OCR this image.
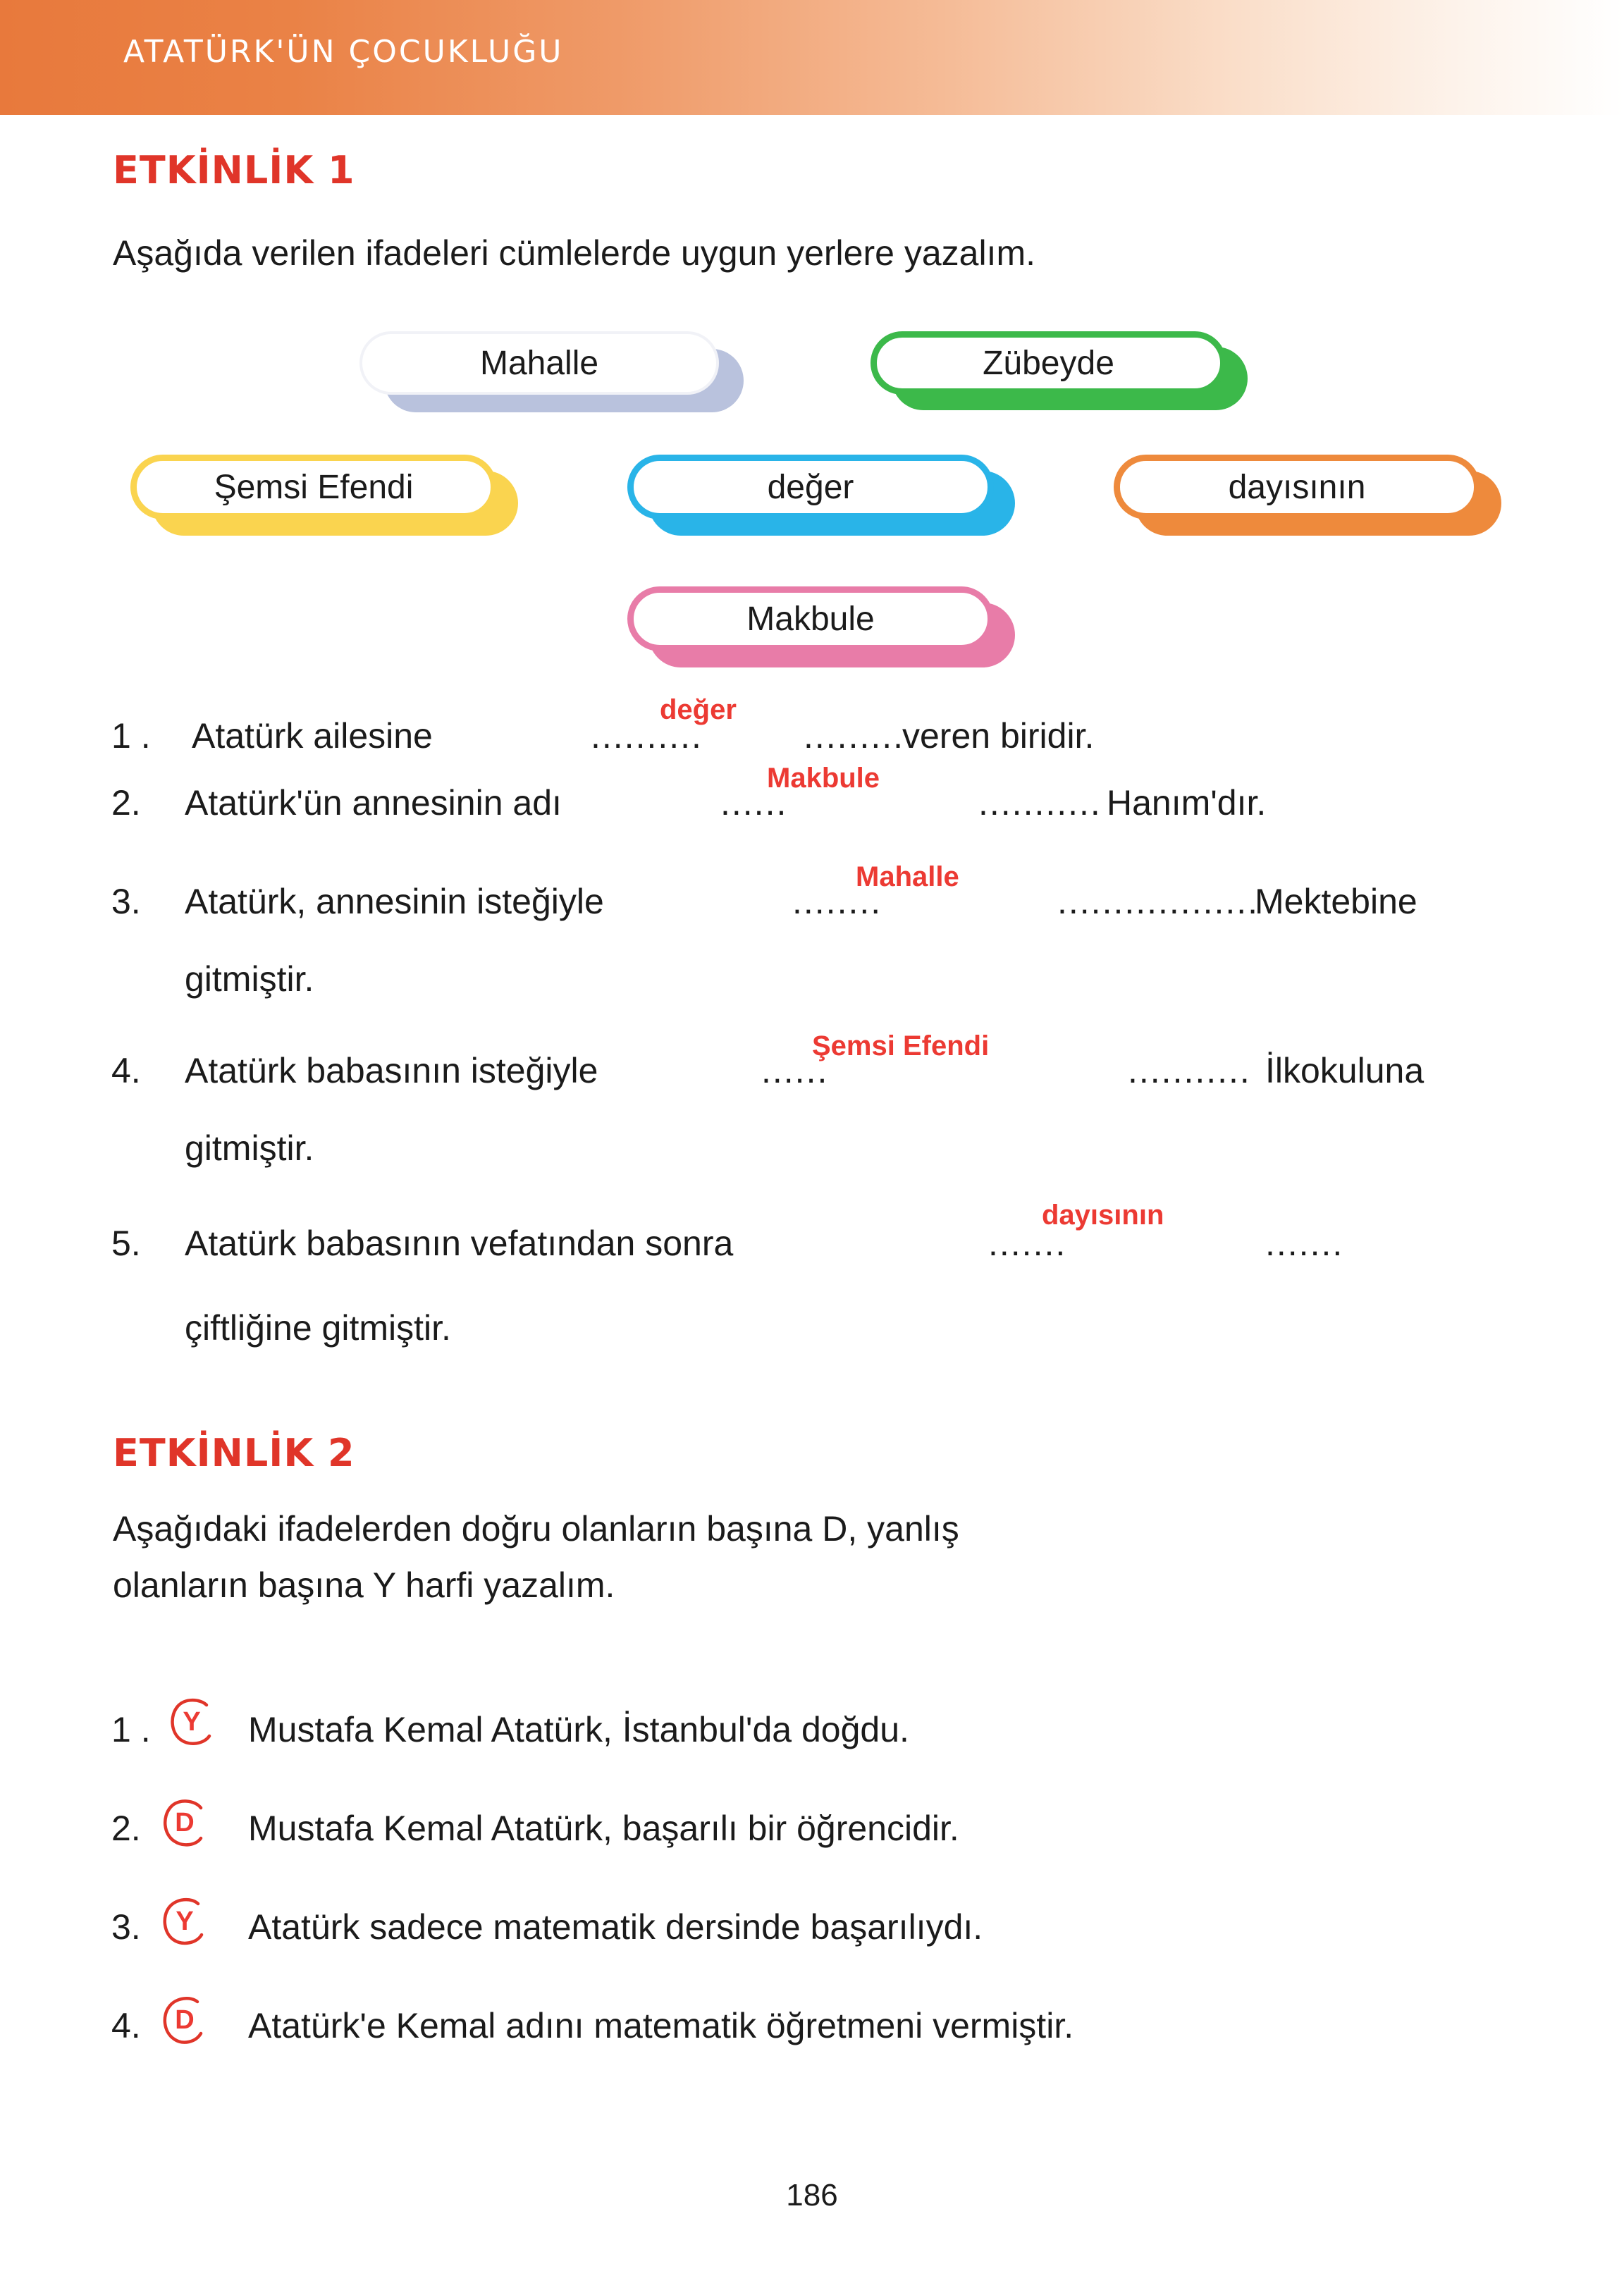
ATATÜRK'ÜN ÇOCUKLUĞU
ETKİNLİK 1
Aşağıda verilen ifadeleri cümlelerde uygun yerlere yazalım.
Mahalle	Zübeyde
Şemsi Efendi	değer	dayısının
Makbule
1 . Atatürk ailesine	..........
değer
.........
veren biridir.
2. Atatürk'ün annesinin adı	......
Makbule
........... Hanım'dır.
3. Atatürk, annesinin isteğiyle	........
Mahalle
..................
Mektebine
gitmiştir.
4. Atatürk babasının isteğiyle	......
Şemsi Efendi
........... İlkokuluna
gitmiştir.
5. Atatürk babasının vefatından sonra	.......
dayısının
.......
çiftliğine gitmiştir.
ETKİNLİK 2
Aşağıdaki ifadelerden doğru olanların başına D, yanlış
olanların başına Y harfi yazalım.
1 .	Y	Mustafa Kemal Atatürk, İstanbul'da doğdu.
2.	D	Mustafa Kemal Atatürk, başarılı bir öğrencidir.
3.	Y	Atatürk sadece matematik dersinde başarılıydı.
4.	D	Atatürk'e Kemal adını matematik öğretmeni vermiştir.
186
